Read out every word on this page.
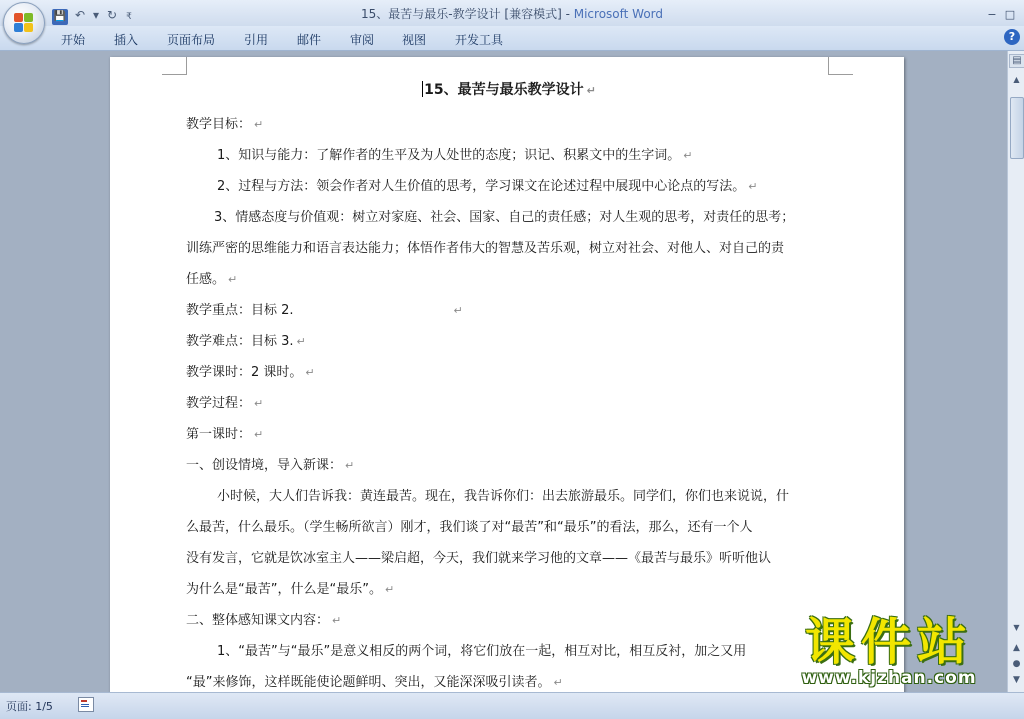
💾 ↶ ▾ ↻ ₹	15、最苦与最乐-教学设计 [兼容模式] - Microsoft Word	− □
开始 插入 页面布局 引用 邮件 审阅 视图 开发工具	?

15、最苦与最乐教学设计 ↵

教学目标： ↵

1、知识与能力：了解作者的生平及为人处世的态度；识记、积累文中的生字词。 ↵

2、过程与方法：领会作者对人生价值的思考，学习课文在论述过程中展现中心论点的写法。 ↵

3、情感态度与价值观：树立对家庭、社会、国家、自己的责任感；对人生观的思考，对责任的思考；

训练严密的思维能力和语言表达能力；体悟作者伟大的智慧及苦乐观，树立对社会、对他人、对自己的责

任感。 ↵

教学重点：目标 2.	↵

教学难点：目标 3. ↵

教学课时：2 课时。 ↵

教学过程： ↵

第一课时： ↵

一、创设情境，导入新课： ↵

小时候，大人们告诉我：黄连最苦。现在，我告诉你们：出去旅游最乐。同学们，你们也来说说，什

么最苦，什么最乐。（学生畅所欲言）刚才，我们谈了对“最苦”和“最乐”的看法，那么，还有一个人

没有发言，它就是饮冰室主人——梁启超，今天，我们就来学习他的文章——《最苦与最乐》听听他认

为什么是“最苦”，什么是“最乐”。 ↵

二、整体感知课文内容： ↵

1、“最苦”与“最乐”是意义相反的两个词，将它们放在一起，相互对比，相互反衬，加之又用

“最”来修饰，这样既能使论题鲜明、突出，又能深深吸引读者。 ↵

▤
▲
▼
▲
●
▼
页面: 1/5
课件站
www.kjzhan.com
